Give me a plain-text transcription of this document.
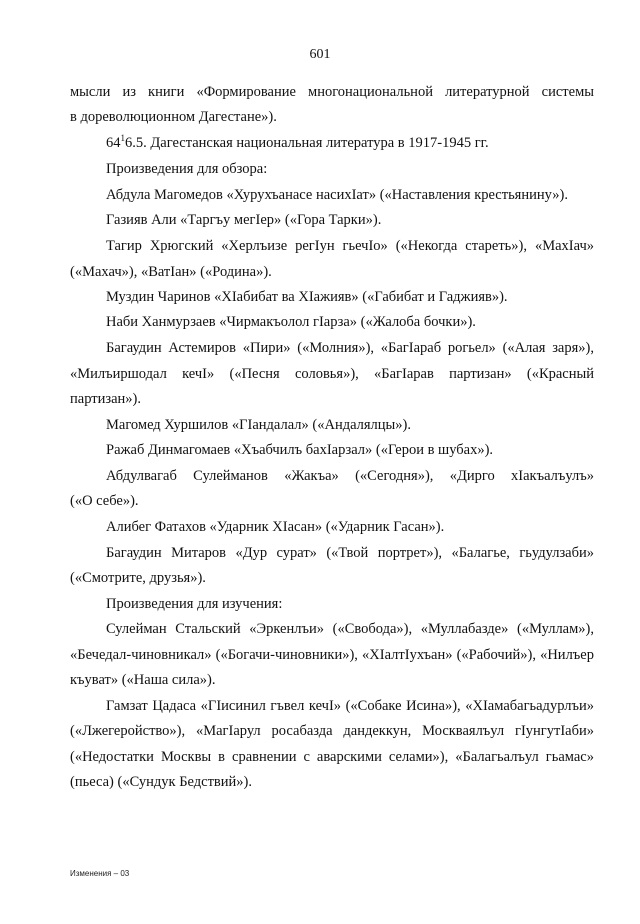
601
мысли из книги «Формирование многонациональной литературной системы
в дореволюционном Дагестане»).
$64^16.5$. Дагестанская национальная литература в 1917-1945 гг.
Произведения для обзора:
Абдула Магомедов «Хурухъанасе насихIат» («Наставления крестьянину»).
Газияв Али «Таргъу мегIер» («Гора Тарки»).
Тагир Хрюгский «Херлъизе регIун гьечIо» («Некогда стареть»), «МахIач»
(«Махач»), «ВатIан» («Родина»).
Муздин Чаринов «XIабибат ва XIажияв» («Габибат и Гаджияв»).
Наби Ханмурзаев «Чирмакъолол гIарза» («Жалоба бочки»).
Багаудин Астемиров «Пири» («Молния»), «БагIараб рогьел» («Алая заря»),
«Милъиршодал кечI» («Песня соловья»), «БагIарав партизан» («Красный
партизан»).
Магомед Хуршилов «ГIандалал» («Андалялцы»).
Ражаб Динмагомаев «Хъабчилъ бахIарзал» («Герои в шубах»).
Абдулвагаб Сулейманов «Жакъа» («Сегодня»), «Дирго хIакъалъулъ»
(«О себе»).
Алибег Фатахов «Ударник XIасан» («Ударник Гасан»).
Багаудин Митаров «Дур сурат» («Твой портрет»), «Балагье, гьудулзаби»
(«Смотрите, друзья»).
Произведения для изучения:
Сулейман Стальский «Эркенлъи» («Свобода»), «Муллабазде» («Муллам»),
«Бечедал-чиновникал» («Богачи-чиновники»), «XIалтIухъан» («Рабочий»), «Нилъер
къуват» («Наша сила»).
Гамзат Цадаса «ГIисинил гъвел кечI» («Собаке Исина»), «XIамабагьадурлъи»
(«Лжегеройство»), «МагIарул росабазда дандеккун, Москваялъул гIунгутIаби»
(«Недостатки Москвы в сравнении с аварскими селами»), «Балагьалъул гьамас»
(пьеса) («Сундук Бедствий»).
Изменения – 03
